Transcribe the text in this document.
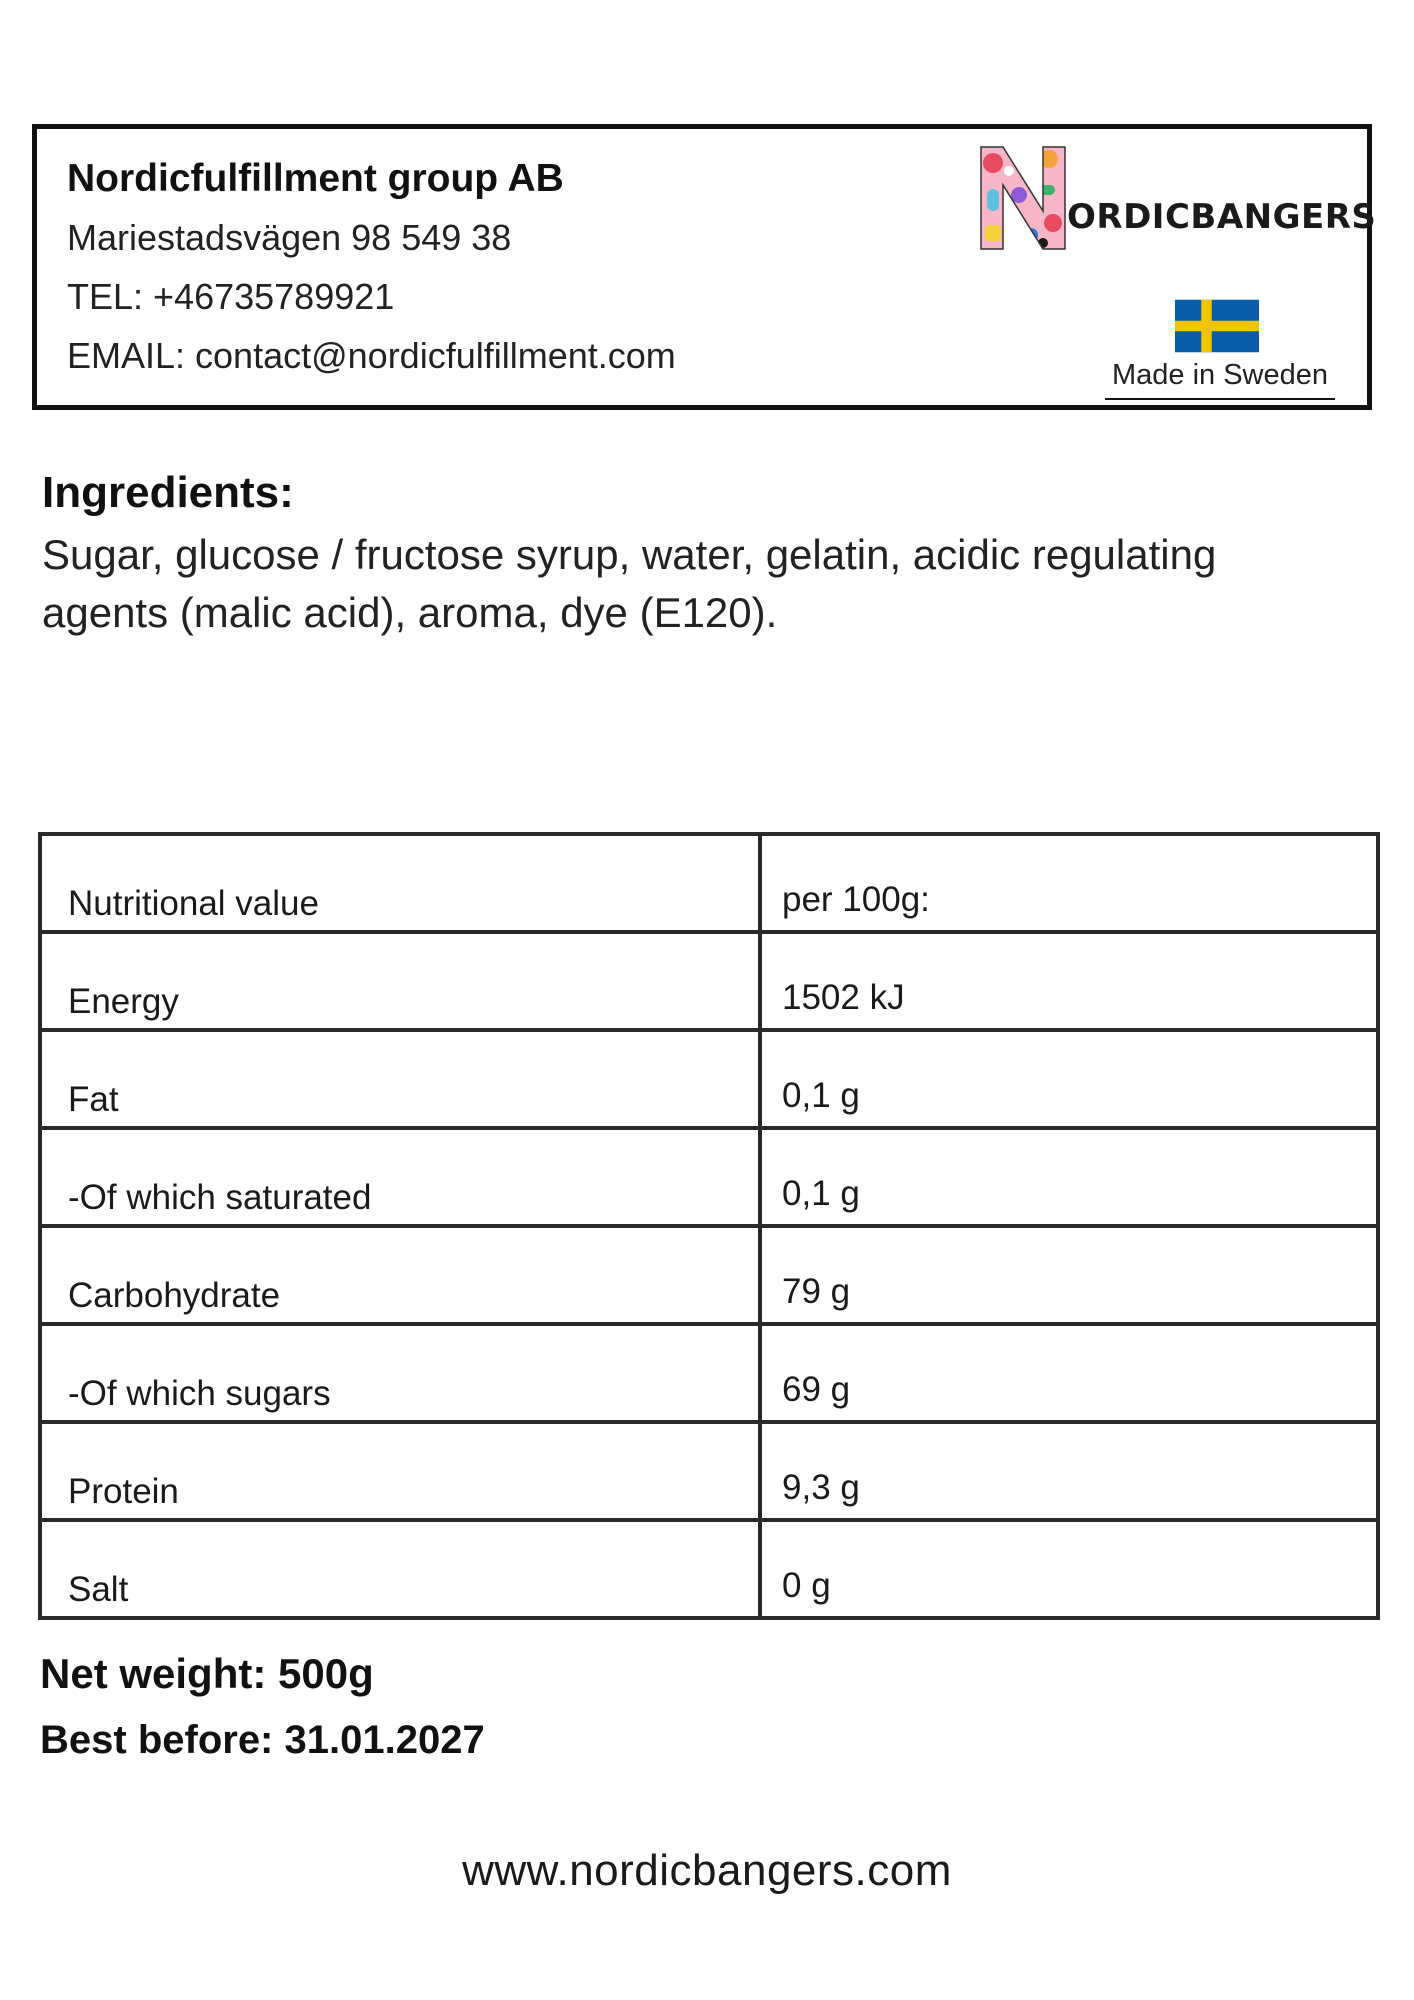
Nordicfulfillment group AB
Mariestadsvägen 98 549 38
TEL: +46735789921
EMAIL: contact@nordicfulfillment.com
ORDICBANGERS
Made in Sweden
Ingredients:
Sugar, glucose / fructose syrup, water, gelatin, acidic regulating agents (malic acid), aroma, dye (E120).
Nutritional value	per 100g:
Energy	1502 kJ
Fat	0,1 g
-Of which saturated	0,1 g
Carbohydrate	79 g
-Of which sugars	69 g
Protein	9,3 g
Salt	0 g
Net weight: 500g
Best before: 31.01.2027
www.nordicbangers.com
